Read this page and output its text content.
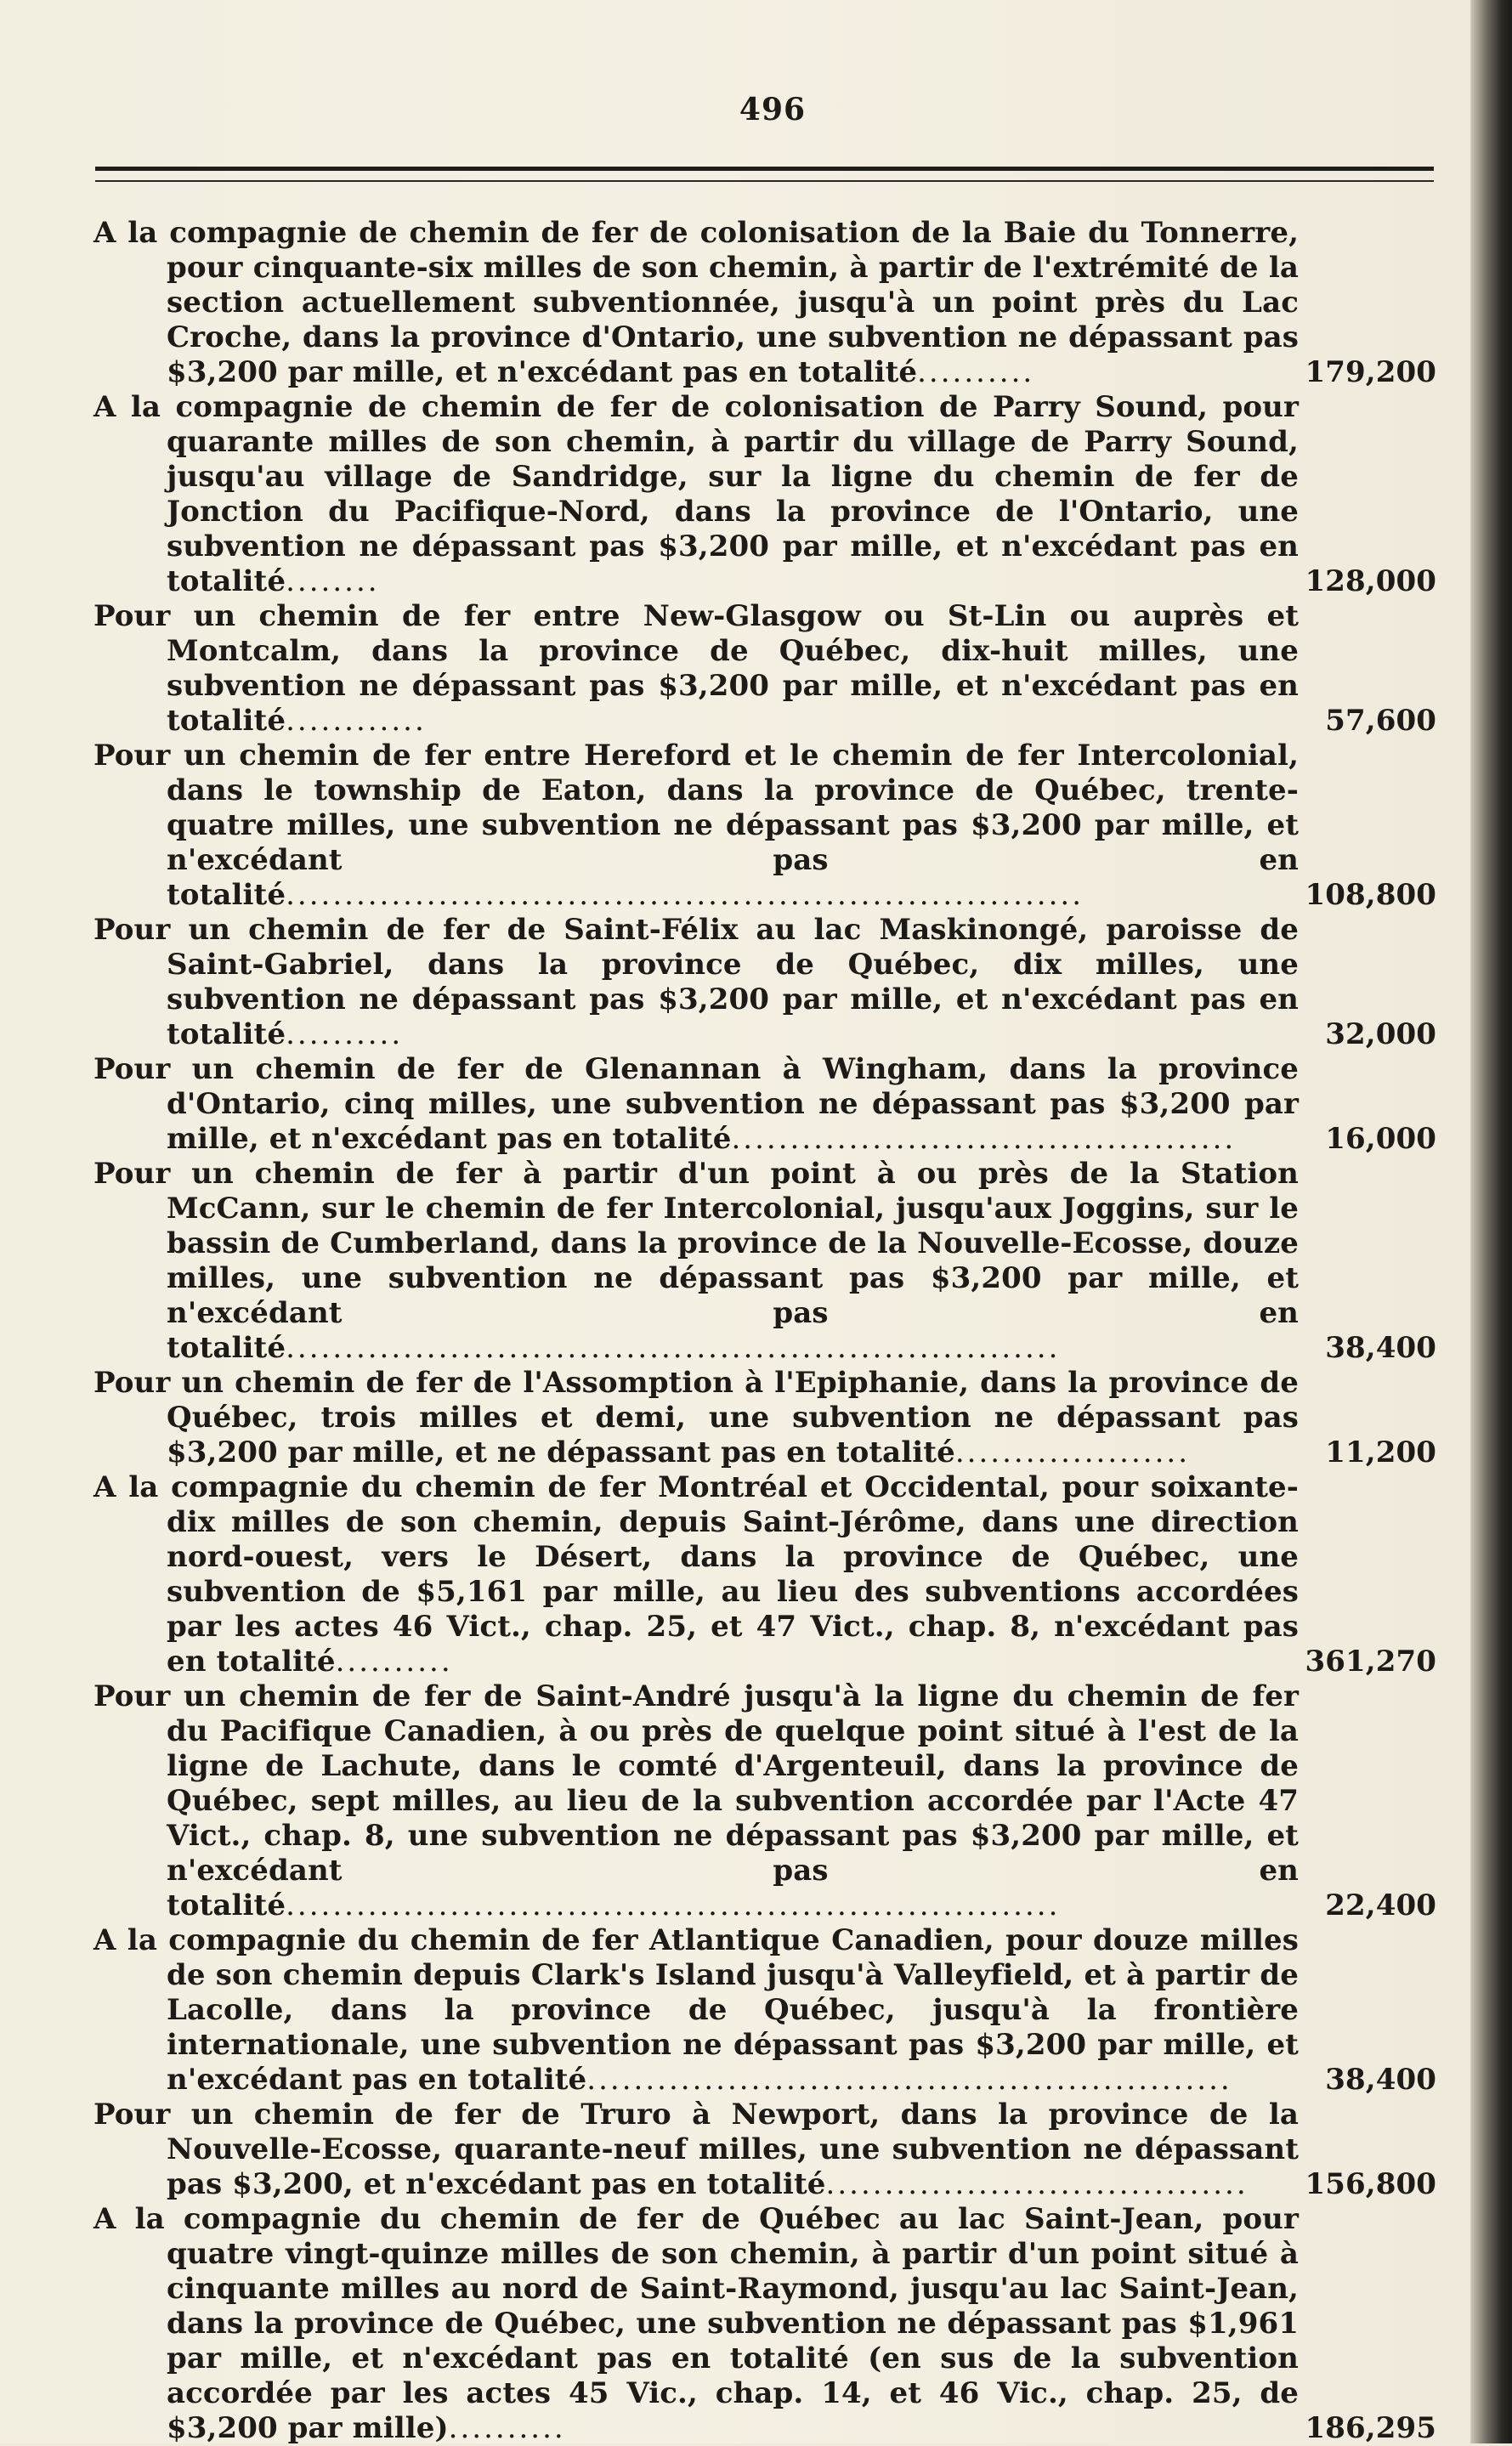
496
A la compagnie de chemin de fer de colonisation de la Baie du Tonnerre, pour cinquante-six milles de son chemin, à partir de l'extrémité de la section actuellement subventionnée, jusqu'à un point près du Lac Croche, dans la province d'Ontario, une subvention ne dépassant pas $3,200 par mille, et n'excédant pas en totalité..........	179,200
A la compagnie de chemin de fer de colonisation de Parry Sound, pour quarante milles de son chemin, à partir du village de Parry Sound, jusqu'au village de Sandridge, sur la ligne du chemin de fer de Jonction du Pacifique-Nord, dans la province de l'Ontario, une subvention ne dépassant pas $3,200 par mille, et n'excédant pas en totalité........	128,000
Pour un chemin de fer entre New-Glasgow ou St-Lin ou auprès et Montcalm, dans la province de Québec, dix-huit milles, une subvention ne dépassant pas $3,200 par mille, et n'excédant pas en totalité............	57,600
Pour un chemin de fer entre Hereford et le chemin de fer Intercolonial, dans le township de Eaton, dans la province de Québec, trente-quatre milles, une subvention ne dépassant pas $3,200 par mille, et n'excédant pas en totalité....................................................................	108,800
Pour un chemin de fer de Saint-Félix au lac Maskinongé, paroisse de Saint-Gabriel, dans la province de Québec, dix milles, une subvention ne dépassant pas $3,200 par mille, et n'excédant pas en totalité..........	32,000
Pour un chemin de fer de Glenannan à Wingham, dans la province d'Ontario, cinq milles, une subvention ne dépassant pas $3,200 par mille, et n'excédant pas en totalité...........................................	16,000
Pour un chemin de fer à partir d'un point à ou près de la Station McCann, sur le chemin de fer Intercolonial, jusqu'aux Joggins, sur le bassin de Cumberland, dans la province de la Nouvelle-Ecosse, douze milles, une subvention ne dépassant pas $3,200 par mille, et n'excédant pas en totalité..................................................................	38,400
Pour un chemin de fer de l'Assomption à l'Epiphanie, dans la province de Québec, trois milles et demi, une subvention ne dépassant pas $3,200 par mille, et ne dépassant pas en totalité....................	11,200
A la compagnie du chemin de fer Montréal et Occidental, pour soixante-dix milles de son chemin, depuis Saint-Jérôme, dans une direction nord-ouest, vers le Désert, dans la province de Québec, une subvention de $5,161 par mille, au lieu des subventions accordées par les actes 46 Vict., chap. 25, et 47 Vict., chap. 8, n'excédant pas en totalité..........	361,270
Pour un chemin de fer de Saint-André jusqu'à la ligne du chemin de fer du Pacifique Canadien, à ou près de quelque point situé à l'est de la ligne de Lachute, dans le comté d'Argenteuil, dans la province de Québec, sept milles, au lieu de la subvention accordée par l'Acte 47 Vict., chap. 8, une subvention ne dépassant pas $3,200 par mille, et n'excédant pas en totalité..................................................................	22,400
A la compagnie du chemin de fer Atlantique Canadien, pour douze milles de son chemin depuis Clark's Island jusqu'à Valleyfield, et à partir de Lacolle, dans la province de Québec, jusqu'à la frontière internationale, une subvention ne dépassant pas $3,200 par mille, et n'excédant pas en totalité.......................................................	38,400
Pour un chemin de fer de Truro à Newport, dans la province de la Nouvelle-Ecosse, quarante-neuf milles, une subvention ne dépassant pas $3,200, et n'excédant pas en totalité.................................... 156,800
A la compagnie du chemin de fer de Québec au lac Saint-Jean, pour quatre vingt-quinze milles de son chemin, à partir d'un point situé à cinquante milles au nord de Saint-Raymond, jusqu'au lac Saint-Jean, dans la province de Québec, une subvention ne dépassant pas $1,961 par mille, et n'excédant pas en totalité (en sus de la subvention accordée par les actes 45 Vic., chap. 14, et 46 Vic., chap. 25, de $3,200 par mille)..........	186,295
